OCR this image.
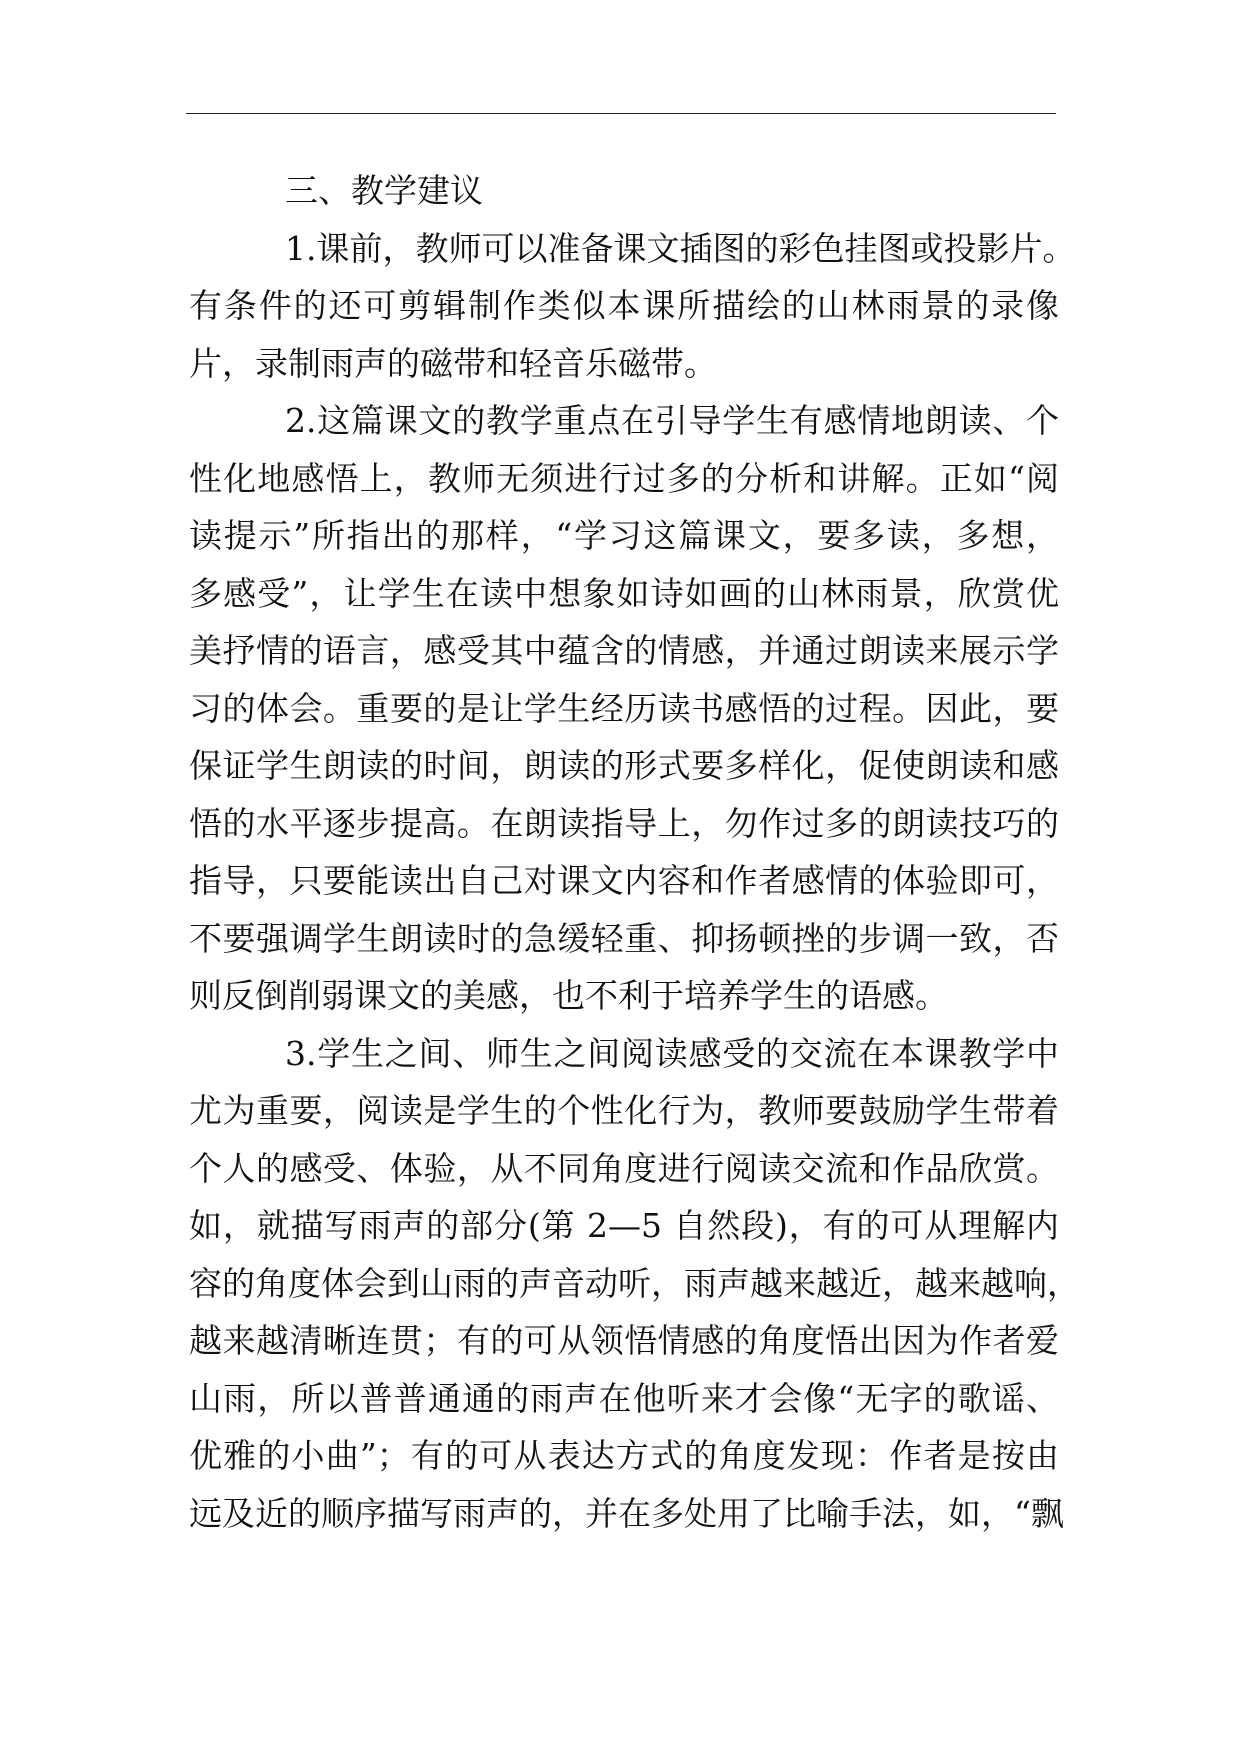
三、教学建议
1.课前，教师可以准备课文插图的彩色挂图或投影片。
有条件的还可剪辑制作类似本课所描绘的山林雨景的录像
片，录制雨声的磁带和轻音乐磁带。
2.这篇课文的教学重点在引导学生有感情地朗读、个
性化地感悟上，教师无须进行过多的分析和讲解。正如“阅
读提示”所指出的那样，“学习这篇课文，要多读，多想，
多感受”，让学生在读中想象如诗如画的山林雨景，欣赏优
美抒情的语言，感受其中蕴含的情感，并通过朗读来展示学
习的体会。重要的是让学生经历读书感悟的过程。因此，要
保证学生朗读的时间，朗读的形式要多样化，促使朗读和感
悟的水平逐步提高。在朗读指导上，勿作过多的朗读技巧的
指导，只要能读出自己对课文内容和作者感情的体验即可，
不要强调学生朗读时的急缓轻重、抑扬顿挫的步调一致，否
则反倒削弱课文的美感，也不利于培养学生的语感。
3.学生之间、师生之间阅读感受的交流在本课教学中
尤为重要，阅读是学生的个性化行为，教师要鼓励学生带着
个人的感受、体验，从不同角度进行阅读交流和作品欣赏。
如，就描写雨声的部分(第 2—5 自然段)，有的可从理解内
容的角度体会到山雨的声音动听，雨声越来越近，越来越响，
越来越清晰连贯；有的可从领悟情感的角度悟出因为作者爱
山雨，所以普普通通的雨声在他听来才会像“无字的歌谣、
优雅的小曲”；有的可从表达方式的角度发现：作者是按由
远及近的顺序描写雨声的，并在多处用了比喻手法，如，“飘
